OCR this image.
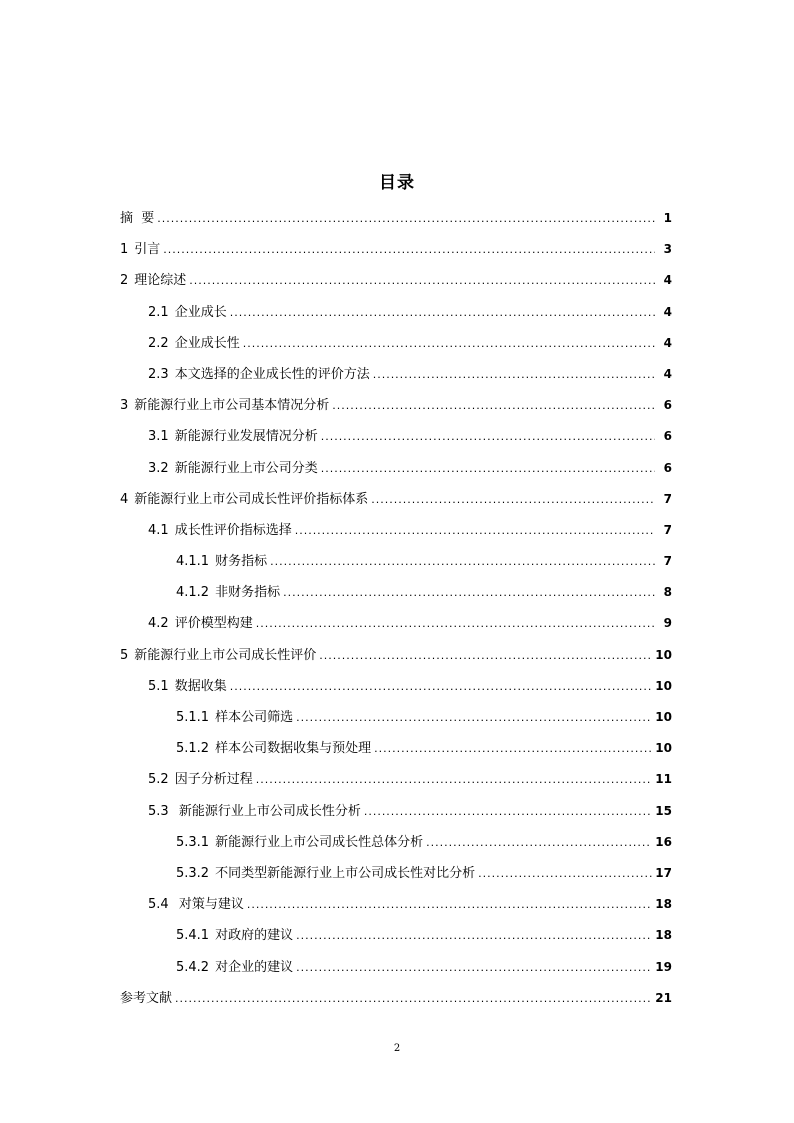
目录
摘  要 .....	1
1 引言 .....	3
2 理论综述 .....	4
2.1 企业成长 .....	4
2.2 企业成长性 .....	4
2.3 本文选择的企业成长性的评价方法 .....	4
3 新能源行业上市公司基本情况分析 .....	6
3.1 新能源行业发展情况分析 .....	6
3.2 新能源行业上市公司分类 .....	6
4 新能源行业上市公司成长性评价指标体系 .....	7
4.1 成长性评价指标选择 .....	7
4.1.1 财务指标 .....	7
4.1.2 非财务指标 .....	8
4.2 评价模型构建 .....	9
5 新能源行业上市公司成长性评价 .....	10
5.1 数据收集 .....	10
5.1.1 样本公司筛选 .....	10
5.1.2 样本公司数据收集与预处理 .....	10
5.2 因子分析过程 .....	11
5.3 新能源行业上市公司成长性分析 .....	15
5.3.1 新能源行业上市公司成长性总体分析 .....	16
5.3.2 不同类型新能源行业上市公司成长性对比分析 .....	17
5.4 对策与建议 .....	18
5.4.1 对政府的建议 .....	18
5.4.2 对企业的建议 .....	19
参考文献 .....	21
2
